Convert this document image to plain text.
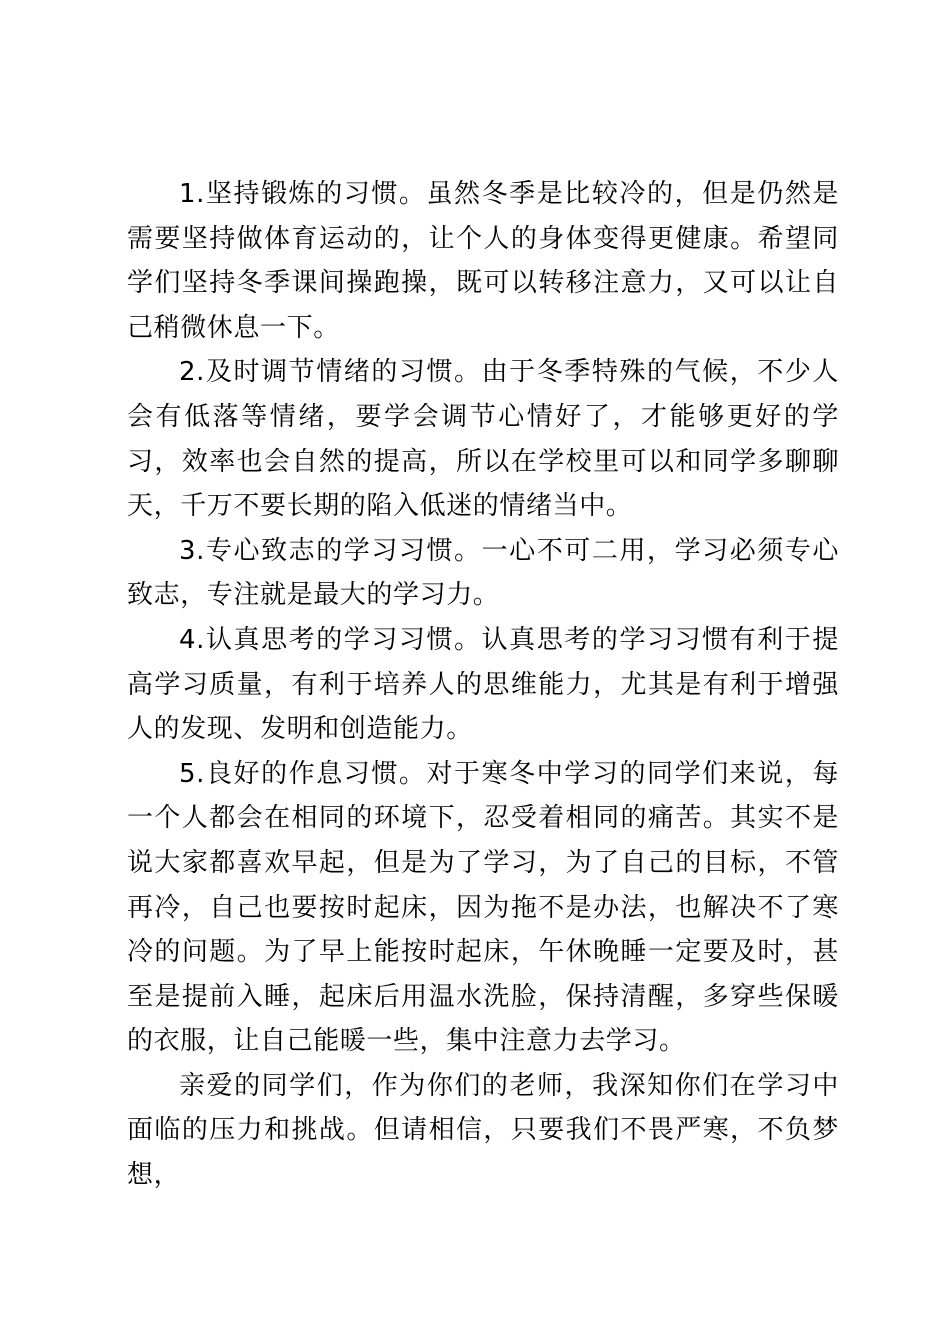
1.坚持锻炼的习惯。虽然冬季是比较冷的，但是仍然是需要坚持做体育运动的，让个人的身体变得更健康。希望同学们坚持冬季课间操跑操，既可以转移注意力，又可以让自己稍微休息一下。

2.及时调节情绪的习惯。由于冬季特殊的气候，不少人会有低落等情绪，要学会调节心情好了，才能够更好的学习，效率也会自然的提高，所以在学校里可以和同学多聊聊天，千万不要长期的陷入低迷的情绪当中。

3.专心致志的学习习惯。一心不可二用，学习必须专心致志，专注就是最大的学习力。

4.认真思考的学习习惯。认真思考的学习习惯有利于提高学习质量，有利于培养人的思维能力，尤其是有利于增强人的发现、发明和创造能力。

5.良好的作息习惯。对于寒冬中学习的同学们来说，每一个人都会在相同的环境下，忍受着相同的痛苦。其实不是说大家都喜欢早起，但是为了学习，为了自己的目标，不管再冷，自己也要按时起床，因为拖不是办法，也解决不了寒冷的问题。为了早上能按时起床，午休晚睡一定要及时，甚至是提前入睡，起床后用温水洗脸，保持清醒，多穿些保暖的衣服，让自己能暖一些，集中注意力去学习。

亲爱的同学们，作为你们的老师，我深知你们在学习中面临的压力和挑战。但请相信，只要我们不畏严寒，不负梦想，
